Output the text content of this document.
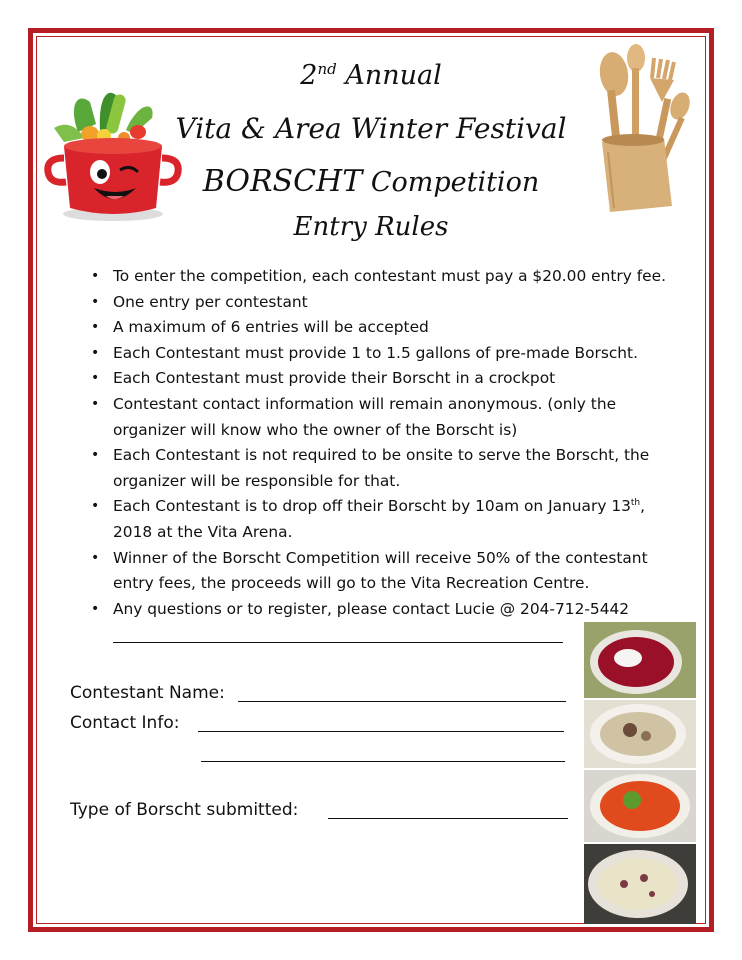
2nd Annual
Vita & Area Winter Festival
BORSCHT Competition
Entry Rules
• To enter the competition, each contestant must pay a $20.00 entry fee.
• One entry per contestant
• A maximum of 6 entries will be accepted
• Each Contestant must provide 1 to 1.5 gallons of pre-made Borscht.
• Each Contestant must provide their Borscht in a crockpot
• Contestant contact information will remain anonymous. (only the
organizer will know who the owner of the Borscht is)
• Each Contestant is not required to be onsite to serve the Borscht, the
organizer will be responsible for that.
• Each Contestant is to drop off their Borscht by 10am on January 13th,
2018 at the Vita Arena.
• Winner of the Borscht Competition will receive 50% of the contestant
entry fees, the proceeds will go to the Vita Recreation Centre.
• Any questions or to register, please contact Lucie @ 204-712-5442
Contestant Name:
Contact Info:
Type of Borscht submitted:
